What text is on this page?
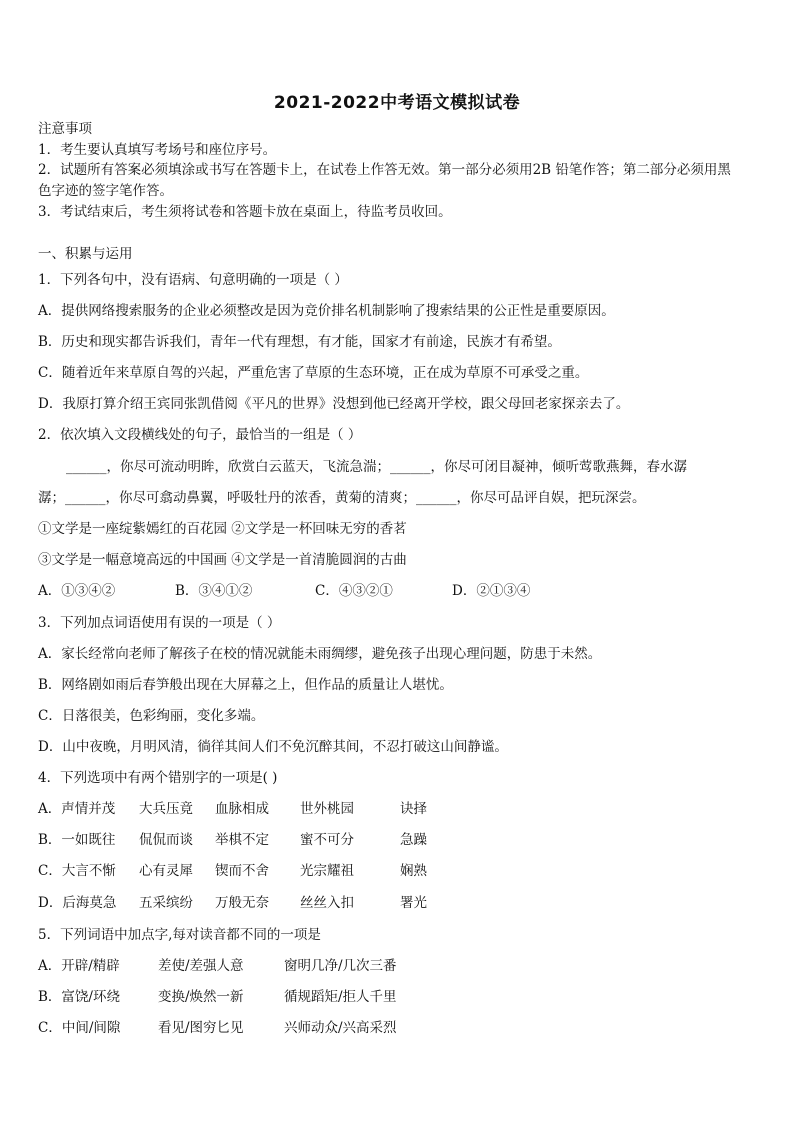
2021-2022中考语文模拟试卷
注意事项
1．考生要认真填写考场号和座位序号。
2．试题所有答案必须填涂或书写在答题卡上，在试卷上作答无效。第一部分必须用2B 铅笔作答；第二部分必须用黑
色字迹的签字笔作答。
3．考试结束后，考生须将试卷和答题卡放在桌面上，待监考员收回。
一、积累与运用
1．下列各句中，没有语病、句意明确的一项是（ ）
A．提供网络搜索服务的企业必须整改是因为竞价排名机制影响了搜索结果的公正性是重要原因。
B．历史和现实都告诉我们，青年一代有理想，有才能，国家才有前途，民族才有希望。
C．随着近年来草原自驾的兴起，严重危害了草原的生态环境，正在成为草原不可承受之重。
D．我原打算介绍王宾同张凯借阅《平凡的世界》没想到他已经离开学校，跟父母回老家探亲去了。
2．依次填入文段横线处的句子，最恰当的一组是（ ）
______，你尽可流动明眸，欣赏白云蓝天，飞流急湍；______，你尽可闭目凝神，倾听莺歌燕舞，春水潺
潺；______，你尽可翕动鼻翼，呼吸牡丹的浓香，黄菊的清爽；______，你尽可品评自娱，把玩深尝。
①文学是一座绽紫嫣红的百花园 ②文学是一杯回味无穷的香茗
③文学是一幅意境高远的中国画 ④文学是一首清脆圆润的古曲
A．①③④②	B．③④①②	C．④③②①	D．②①③④
3．下列加点词语使用有误的一项是（ ）
A．家长经常向老师了解孩子在校的情况就能未雨绸缪，避免孩子出现心理问题，防患于未然。
B．网络剧如雨后春笋般出现在大屏幕之上，但作品的质量让人堪忧。
C．日落很美，色彩绚丽，变化多端。
D．山中夜晚，月明风清，徜徉其间人们不免沉醉其间，不忍打破这山间静谧。
4．下列选项中有两个错别字的一项是( )
A．声情并茂 大兵压竟 血脉相成 世外桃园	诀择
B．一如既往 侃侃而谈 举棋不定 蜜不可分	急躁
C．大言不惭 心有灵犀 锲而不舍 光宗耀祖	娴熟
D．后海莫急 五采缤纷 万般无奈 丝丝入扣	署光
5．下列词语中加点字,每对读音都不同的一项是
A．开辟/精辟	差使/差强人意	窗明几净/几次三番
B．富饶/环绕	变换/焕然一新	循规蹈矩/拒人千里
C．中间/间隙	看见/图穷匕见	兴师动众/兴高采烈
